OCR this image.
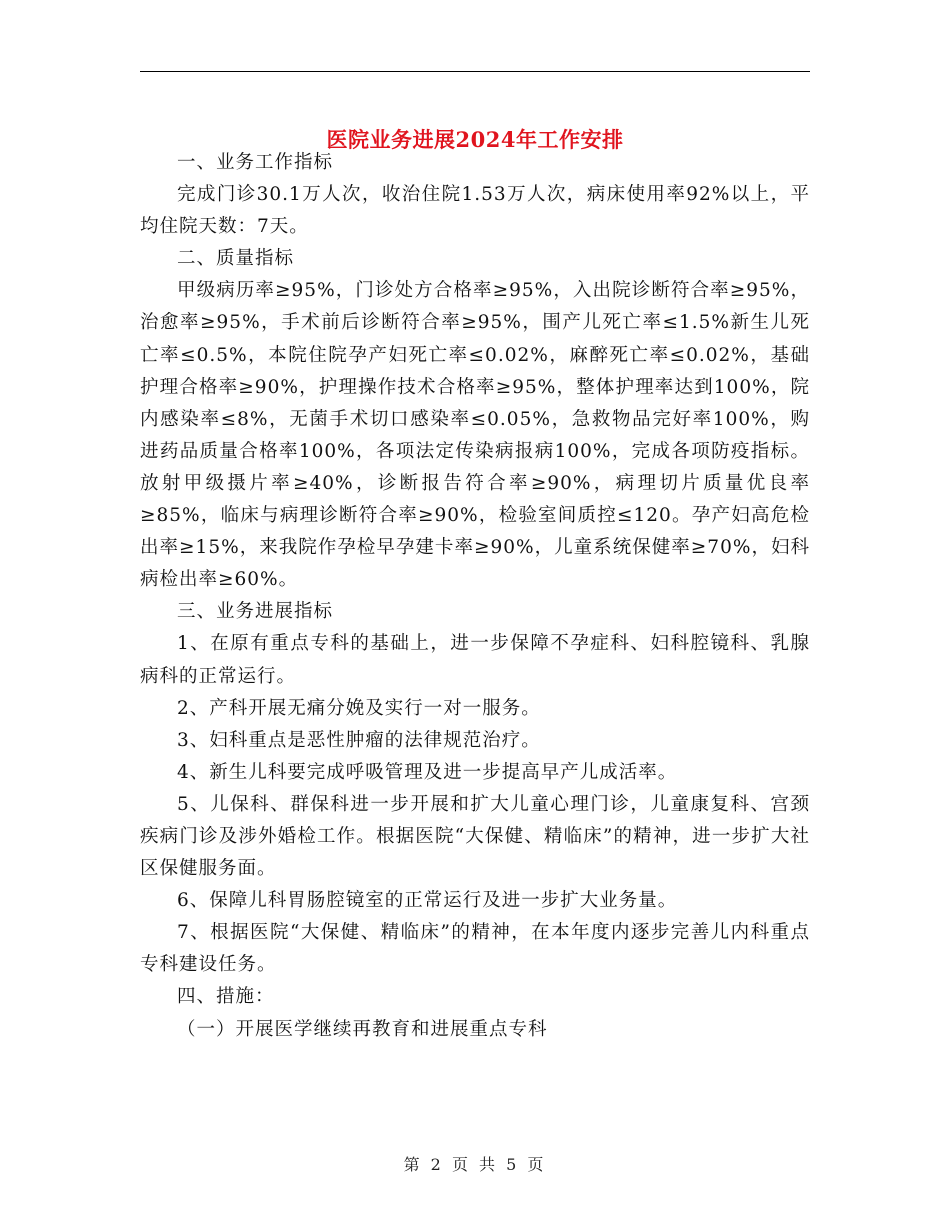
医院业务进展2024年工作安排

一、业务工作指标

完成门诊30.1万人次，收治住院1.53万人次，病床使用率92%以上，平均住院天数：7天。

二、质量指标

甲级病历率≥95%，门诊处方合格率≥95%，入出院诊断符合率≥95%，治愈率≥95%，手术前后诊断符合率≥95%，围产儿死亡率≤1.5%新生儿死亡率≤0.5%，本院住院孕产妇死亡率≤0.02%，麻醉死亡率≤0.02%，基础护理合格率≥90%，护理操作技术合格率≥95%，整体护理率达到100%，院内感染率≤8%，无菌手术切口感染率≤0.05%，急救物品完好率100%，购进药品质量合格率100%，各项法定传染病报病100%，完成各项防疫指标。放射甲级摄片率≥40%，诊断报告符合率≥90%，病理切片质量优良率≥85%，临床与病理诊断符合率≥90%，检验室间质控≤120。孕产妇高危检出率≥15%，来我院作孕检早孕建卡率≥90%，儿童系统保健率≥70%，妇科病检出率≥60%。

三、业务进展指标

1、在原有重点专科的基础上，进一步保障不孕症科、妇科腔镜科、乳腺病科的正常运行。

2、产科开展无痛分娩及实行一对一服务。

3、妇科重点是恶性肿瘤的法律规范治疗。

4、新生儿科要完成呼吸管理及进一步提高早产儿成活率。

5、儿保科、群保科进一步开展和扩大儿童心理门诊，儿童康复科、宫颈疾病门诊及涉外婚检工作。根据医院“大保健、精临床”的精神，进一步扩大社区保健服务面。

6、保障儿科胃肠腔镜室的正常运行及进一步扩大业务量。

7、根据医院“大保健、精临床”的精神，在本年度内逐步完善儿内科重点专科建设任务。

四、措施：

（一）开展医学继续再教育和进展重点专科

第 2 页 共 5 页
